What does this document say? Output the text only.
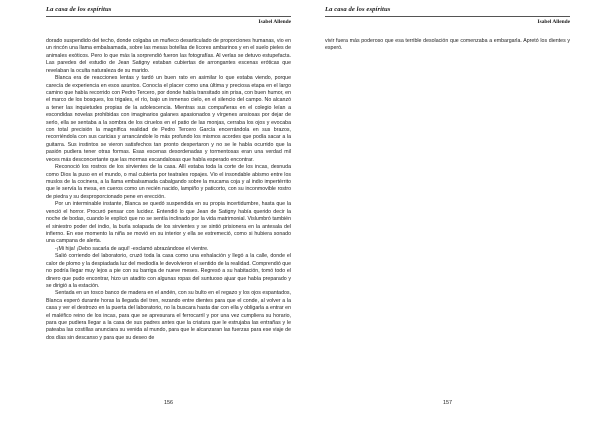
La casa de los espíritus
Isabel Allende

dorado suspendido del techo, donde colgaba un muñeco desarticulado de proporciones humanas, vio en un rincón una llama embalsamada, sobre las mesas botellas de licores ambarinos y en el suelo pieles de animales exóticos. Pero lo que más la sorprendió fueron las fotografías. Al verlas se detuvo estupefacta. Las paredes del estudio de Jean Satigny estaban cubiertas de arrongantes escenas eróticas que revelaban la oculta naturaleza de su marido.

Blanca era de reacciones lentas y tardó un buen rato en asimilar lo que estaba viendo, porque carecía de experiencia en esos asuntos. Conocía el placer como una última y preciosa etapa en el largo camino que había recorrido con Pedro Tercero, por donde había transitado sin prisa, con buen humor, en el marco de los bosques, los trigales, el río, bajo un inmenso cielo, en el silencio del campo. No alcanzó a tener las inquietudes propias de la adolescencia. Mientras sus compañeras en el colegio leían a escondidas novelas prohibidas con imaginarios galanes apasionados y vírgenes ansiosas por dejar de serlo, ella se sentaba a la sombra de los ciruelos en el patio de las monjas, cerraba los ojos y evocaba con total precisión la magnífica realidad de Pedro Tercero García encerrándola en sus brazos, recorriéndola con sus caricias y arrancándole lo más profundo los mismos acordes que podía sacar a la guitarra. Sus instintos se vieron satisfechos tan pronto despertaron y no se le había ocurrido que la pasión pudiera tener otras formas. Esas escenas desordenadas y tormentosas eran una verdad mil veces más desconcertante que las mormas escandalosas que había esperado encontrar.

Reconoció los rostros de los sirvientes de la casa. Allí estaba toda la corte de los incas, desnuda como Dios la puso en el mundo, o mal cubierta por teatrales ropajes. Vio el insondable abismo entre los muslos de la cocinera, a la llama embalsamada cabalgando sobre la mucama coja y al indio impertérrito que le servía la mesa, en cueros como un recién nacido, lampiño y paticorto, con su inconmovible rostro de piedra y su desproporcionado pene en erección.

Por un interminable instante, Blanca se quedó suspendida en su propia incertidumbre, hasta que la venció el horror. Procuró pensar con lucidez. Entendió lo que Jean de Satigny había querido decir la noche de bodas, cuando le explicó que no se sentía inclinado por la vida matrimonial. Vislumbró también el siniestro poder del indio, la burla solapada de los sirvientes y se sintió prisionera en la antesala del infierno. En ese momento la niña se movió en su interior y ella se estremeció, como si hubiera sonado una campana de alerta.

-¡Mi hija! ¡Debo sacarla de aquí! -exclamó abrazándose el vientre.

Salió corriendo del laboratorio, cruzó toda la casa como una exhalación y llegó a la calle, donde el calor de plomo y la despiadada luz del mediodía le devolvieron el sentido de la realidad. Comprendió que no podría llegar muy lejos a pie con su barriga de nueve meses. Regresó a su habitación, tomó todo el dinero que pudo encontrar, hizo un atadito con algunas ropas del suntuoso ajuar que había preparado y se dirigió a la estación.

Sentada en un tosco banco de madera en el andén, con su bulto en el regazo y los ojos espantados, Blanca esperó durante horas la llegada del tren, rezando entre dientes para que el conde, al volver a la casa y ver el destrozo en la puerta del laboratorio, no la buscara hasta dar con ella y obligarla a entrar en el maléfico reino de los incas, para que se apresurara el ferrocarril y por una vez cumpliera su horario, para que pudiera llegar a la casa de sus padres antes que la criatura que le estrujaba las entrañas y le pateaba las costillas anunciara su venida al mundo, para que le alcanzaran las fuerzas para ese viaje de dos días sin descanso y para que su deseo de

156
La casa de los espíritus
Isabel Allende

vivir fuera más poderoso que esa terrible desolación que comenzaba a embargarla. Apretó los dientes y esperó.

157
